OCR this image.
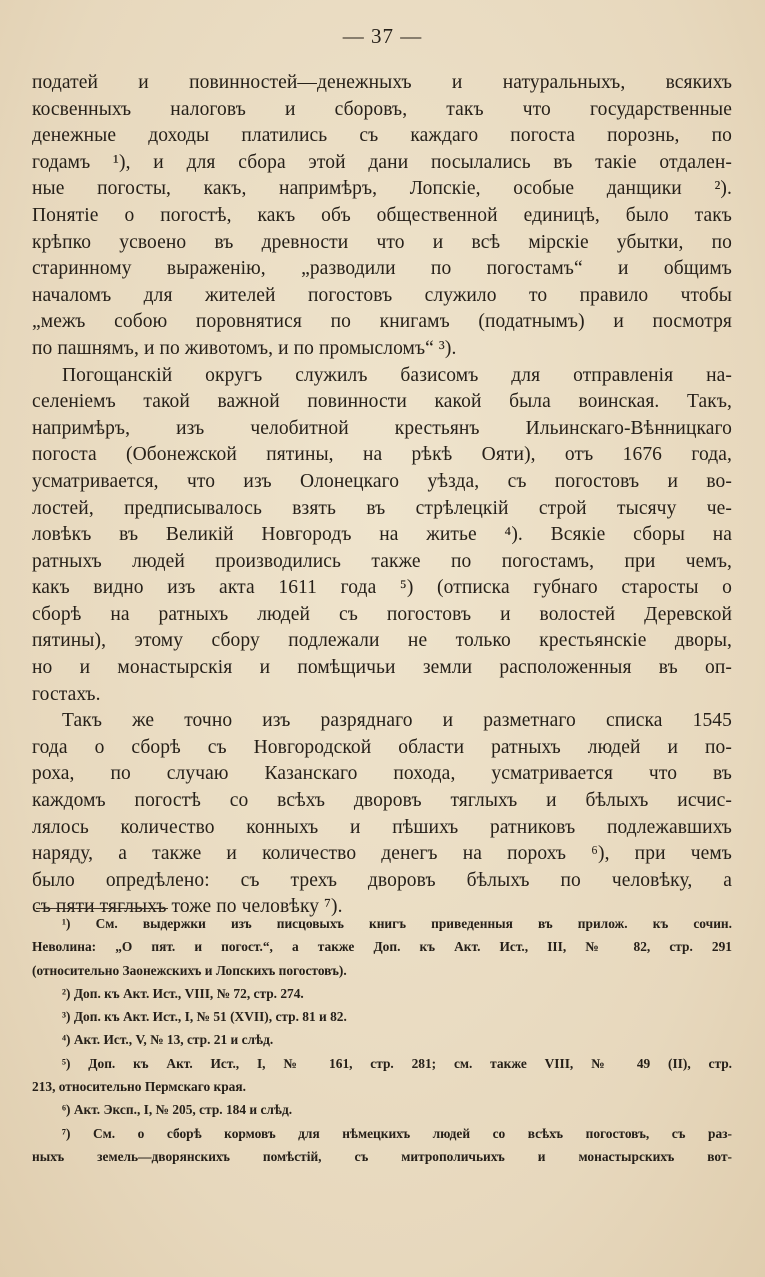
— 37 —
податей и повинностей—денежныхъ и натуральныхъ, всякихъ
косвенныхъ налоговъ и сборовъ, такъ что государственные
денежные доходы платились съ каждаго погоста порознь, по
годамъ ¹), и для сбора этой дани посылались въ такіе отдален-
ные погосты, какъ, напримѣръ, Лопскіе, особые данщики ²).
Понятіе о погостѣ, какъ объ общественной единицѣ, было такъ
крѣпко усвоено въ древности что и всѣ мірскіе убытки, по
старинному выраженію, „разводили по погостамъ“ и общимъ
началомъ для жителей погостовъ служило то правило чтобы
„межъ собою поровнятися по книгамъ (податнымъ) и посмотря
по пашнямъ, и по животомъ, и по промысломъ“ ³).
Погощанскій округъ служилъ базисомъ для отправленія на-
селеніемъ такой важной повинности какой была воинская. Такъ,
напримѣръ, изъ челобитной крестьянъ Ильинскаго-Вѣнницкаго
погоста (Обонежской пятины, на рѣкѣ Ояти), отъ 1676 года,
усматривается, что изъ Олонецкаго уѣзда, съ погостовъ и во-
лостей, предписывалось взять въ стрѣлецкій строй тысячу че-
ловѣкъ въ Великій Новгородъ на житье ⁴). Всякіе сборы на
ратныхъ людей производились также по погостамъ, при чемъ,
какъ видно изъ акта 1611 года ⁵) (отписка губнаго старосты о
сборѣ на ратныхъ людей съ погостовъ и волостей Деревской
пятины), этому сбору подлежали не только крестьянскіе дворы,
но и монастырскія и помѣщичьи земли расположенныя въ оп-
гостахъ.
Такъ же точно изъ разряднаго и разметнаго списка 1545
года о сборѣ съ Новгородской области ратныхъ людей и по-
роха, по случаю Казанскаго похода, усматривается что въ
каждомъ погостѣ со всѣхъ дворовъ тяглыхъ и бѣлыхъ исчис-
лялось количество конныхъ и пѣшихъ ратниковъ подлежавшихъ
наряду, а также и количество денегъ на порохъ ⁶), при чемъ
было опредѣлено: съ трехъ дворовъ бѣлыхъ по человѣку, а
съ пяти тяглыхъ тоже по человѣку ⁷).
¹) См. выдержки изъ писцовыхъ книгъ приведенныя въ прилож. къ сочин.
Неволина: „О пят. и погост.“, а также Доп. къ Акт. Ист., III, № 82, стр. 291
(относительно Заонежскихъ и Лопскихъ погостовъ).
²) Доп. къ Акт. Ист., VIII, № 72, стр. 274.
³) Доп. къ Акт. Ист., I, № 51 (XVII), стр. 81 и 82.
⁴) Акт. Ист., V, № 13, стр. 21 и слѣд.
⁵) Доп. къ Акт. Ист., I, № 161, стр. 281; см. также VIII, № 49 (II), стр.
213, относительно Пермскаго края.
⁶) Акт. Эксп., I, № 205, стр. 184 и слѣд.
⁷) См. о сборѣ кормовъ для нѣмецкихъ людей со всѣхъ погостовъ, съ раз-
ныхъ земель—дворянскихъ помѣстій, съ митрополичьихъ и монастырскихъ вот-
